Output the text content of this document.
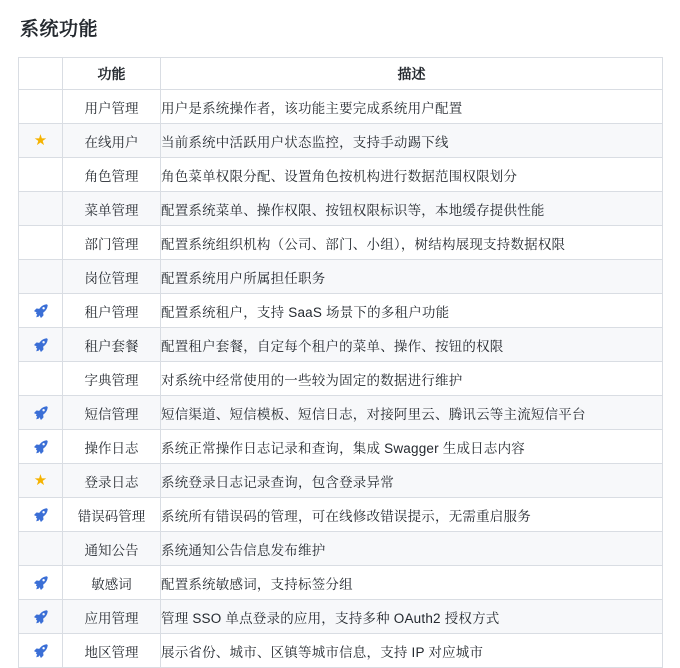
系统功能
	功能	描述
	用户管理	用户是系统操作者，该功能主要完成系统用户配置
★	在线用户	当前系统中活跃用户状态监控，支持手动踢下线
	角色管理	角色菜单权限分配、设置角色按机构进行数据范围权限划分
	菜单管理	配置系统菜单、操作权限、按钮权限标识等，本地缓存提供性能
	部门管理	配置系统组织机构（公司、部门、小组），树结构展现支持数据权限
	岗位管理	配置系统用户所属担任职务

	租户管理	配置系统租户，支持 SaaS 场景下的多租户功能

	租户套餐	配置租户套餐，自定每个租户的菜单、操作、按钮的权限
	字典管理	对系统中经常使用的一些较为固定的数据进行维护

	短信管理	短信渠道、短信模板、短信日志，对接阿里云、腾讯云等主流短信平台

	操作日志	系统正常操作日志记录和查询，集成 Swagger 生成日志内容
★	登录日志	系统登录日志记录查询，包含登录异常

	错误码管理	系统所有错误码的管理，可在线修改错误提示，无需重启服务
	通知公告	系统通知公告信息发布维护

	敏感词	配置系统敏感词，支持标签分组

	应用管理	管理 SSO 单点登录的应用，支持多种 OAuth2 授权方式

	地区管理	展示省份、城市、区镇等城市信息，支持 IP 对应城市
